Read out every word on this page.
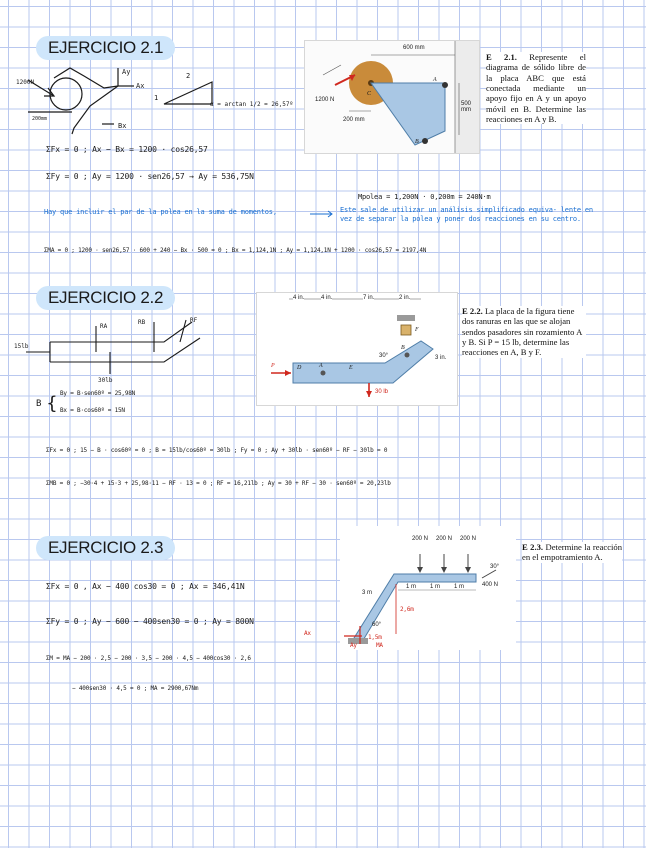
EJERCICIO 2.1
1200N
Ay
Ax
Bx
200mm
2
1
α = arctan 1/2 = 26,57º
ΣFx = 0 ; Ax − Bx = 1200 · cos26,57
ΣFy = 0 ; Ay = 1200 · sen26,57 → Ay = 536,75N
Mpolea = 1,200N · 0,200m = 240N·m
Hay que incluir el par de la polea en la suma de momentos,	Este sale de utilizar un análisis simplificado equiva- lente en vez de separar la polea y poner dos reacciones en su centro.
ΣMA = 0 ; 1200 · sen26,57 · 600 + 240 − Bx · 500 = 0 ; Bx = 1,124,1N ; Ay = 1,124,1N + 1200 · cos26,57 = 2197,4N
600 mm
1200 N
200 mm
500 mm
A
B
C
E 2.1. Represente el diagrama de sólido libre de la placa ABC que está conectada mediante un apoyo fijo en A y un apoyo móvil en B. Determine las reacciones en A y B.
EJERCICIO 2.2
15lb
RA
RB	RF
30lb
B { By = B·sen60º = 25,98N
Bx = B·cos60º = 15N
ΣFx = 0 ; 15 − B · cos60º = 0 ; B = 15lb/cos60º = 30lb ; Fy = 0 ; Ay + 30lb · sen60º − RF − 30lb = 0
ΣMB = 0 ; −30·4 + 15·3 + 25,98·11 − RF · 13 = 0 ; RF = 16,21lb ; Ay = 30 + RF − 30 · sen60º = 20,23lb
4 in.	4 in.	7 in.	2 in.
P	D	A	E
B
F
30°	3 in.
30 lb
E 2.2. La placa de la figura tiene dos ranuras en las que se alojan sendos pasadores sin rozamiento A y B. Si P = 15 lb, determine las reacciones en A, B y F.
EJERCICIO 2.3
ΣFx = 0 , Ax − 400 cos30 = 0 ; Ax = 346,41N
ΣFy = 0 ; Ay − 600 − 400sen30 = 0 ; Ay = 800N
ΣM = MA − 200 · 2,5 − 200 · 3,5 − 200 · 4,5 − 400cos30 · 2,6
− 400sen30 · 4,5 = 0 ; MA = 2900,67Nm
200 N 200 N 200 N
1 m 1 m 1 m	400 N
30°
3 m
60°
2,6m
1,5m
Ax
Ay	MA
E 2.3. Determine la reacción en el empotramiento A.
